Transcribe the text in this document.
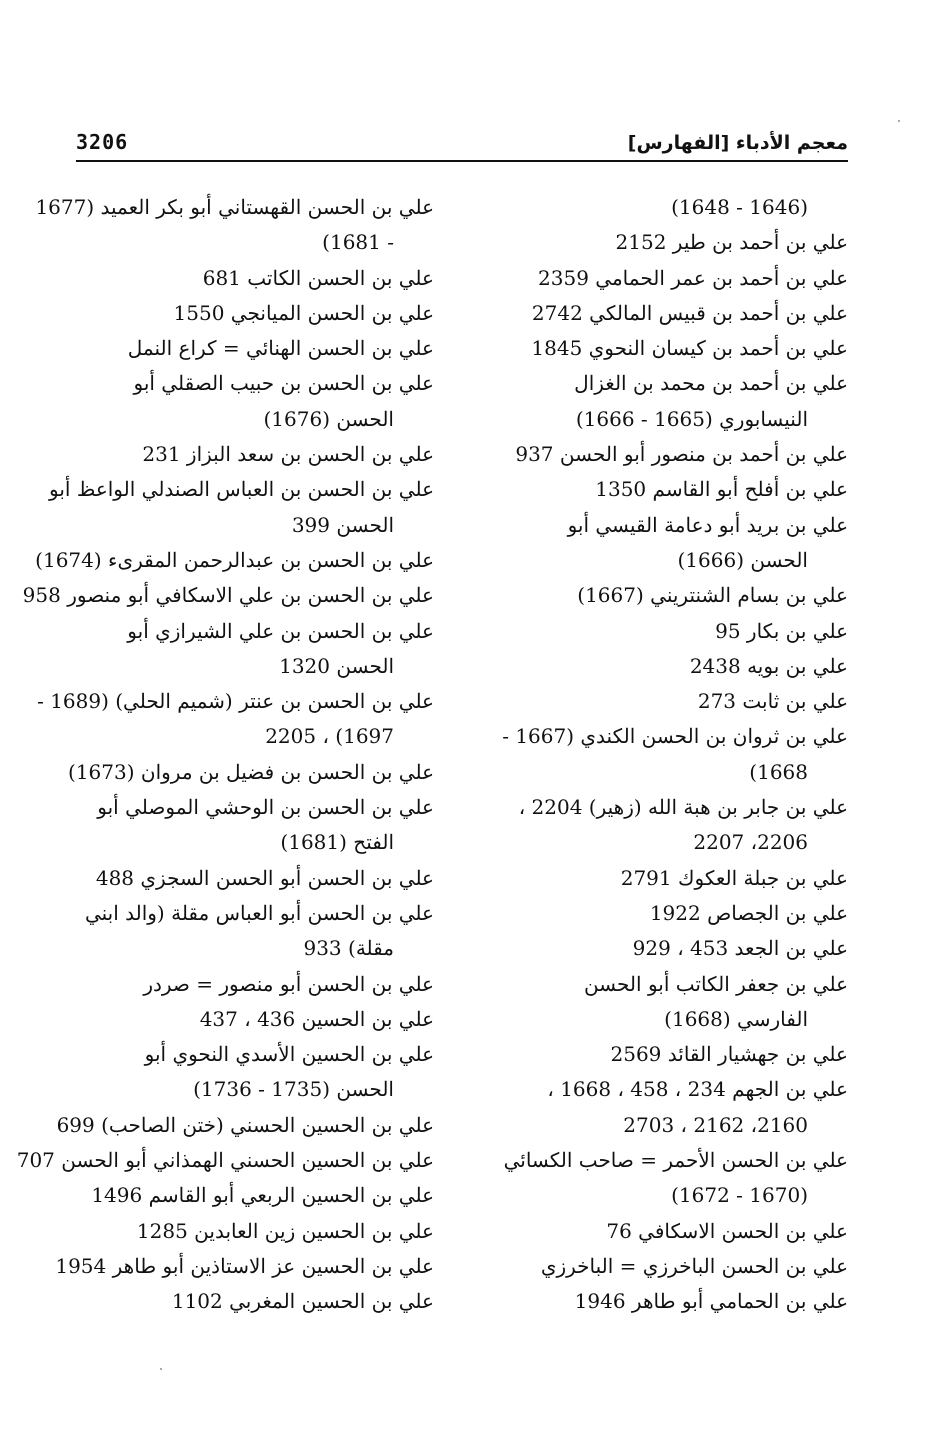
3206	معجم الأدباء [الفهارس]
(1646 - 1648)
علي بن أحمد بن طير 2152
علي بن أحمد بن عمر الحمامي 2359
علي بن أحمد بن قبيس المالكي 2742
علي بن أحمد بن كيسان النحوي 1845
علي بن أحمد بن محمد بن الغزال
النيسابوري (1665 - 1666)
علي بن أحمد بن منصور أبو الحسن 937
علي بن أفلح أبو القاسم 1350
علي بن بريد أبو دعامة القيسي أبو
الحسن (1666)
علي بن بسام الشنتريني (1667)
علي بن بكار 95
علي بن بويه 2438
علي بن ثابت 273
علي بن ثروان بن الحسن الكندي (1667 -
1668)
علي بن جابر بن هبة الله (زهير) 2204 ،
2206، 2207
علي بن جبلة العكوك 2791
علي بن الجصاص 1922
علي بن الجعد 453 ، 929
علي بن جعفر الكاتب أبو الحسن
الفارسي (1668)
علي بن جهشيار القائد 2569
علي بن الجهم 234 ، 458 ، 1668 ،
2160، 2162 ، 2703
علي بن الحسن الأحمر = صاحب الكسائي
(1670 - 1672)
علي بن الحسن الاسكافي 76
علي بن الحسن الباخرزي = الباخرزي
علي بن الحمامي أبو طاهر 1946
علي بن الحسن القهستاني أبو بكر العميد (1677
- 1681)
علي بن الحسن الكاتب 681
علي بن الحسن الميانجي 1550
علي بن الحسن الهنائي = كراع النمل
علي بن الحسن بن حبيب الصقلي أبو
الحسن (1676)
علي بن الحسن بن سعد البزاز 231
علي بن الحسن بن العباس الصندلي الواعظ أبو
الحسن 399
علي بن الحسن بن عبدالرحمن المقرىء (1674)
علي بن الحسن بن علي الاسكافي أبو منصور 958
علي بن الحسن بن علي الشيرازي أبو
الحسن 1320
علي بن الحسن بن عنتر (شميم الحلي) (1689 -
1697) ، 2205
علي بن الحسن بن فضيل بن مروان (1673)
علي بن الحسن بن الوحشي الموصلي أبو
الفتح (1681)
علي بن الحسن أبو الحسن السجزي 488
علي بن الحسن أبو العباس مقلة (والد ابني
مقلة) 933
علي بن الحسن أبو منصور = صردر
علي بن الحسين 436 ، 437
علي بن الحسين الأسدي النحوي أبو
الحسن (1735 - 1736)
علي بن الحسين الحسني (ختن الصاحب) 699
علي بن الحسين الحسني الهمذاني أبو الحسن 707
علي بن الحسين الربعي أبو القاسم 1496
علي بن الحسين زين العابدين 1285
علي بن الحسين عز الاستاذين أبو طاهر 1954
علي بن الحسين المغربي 1102
